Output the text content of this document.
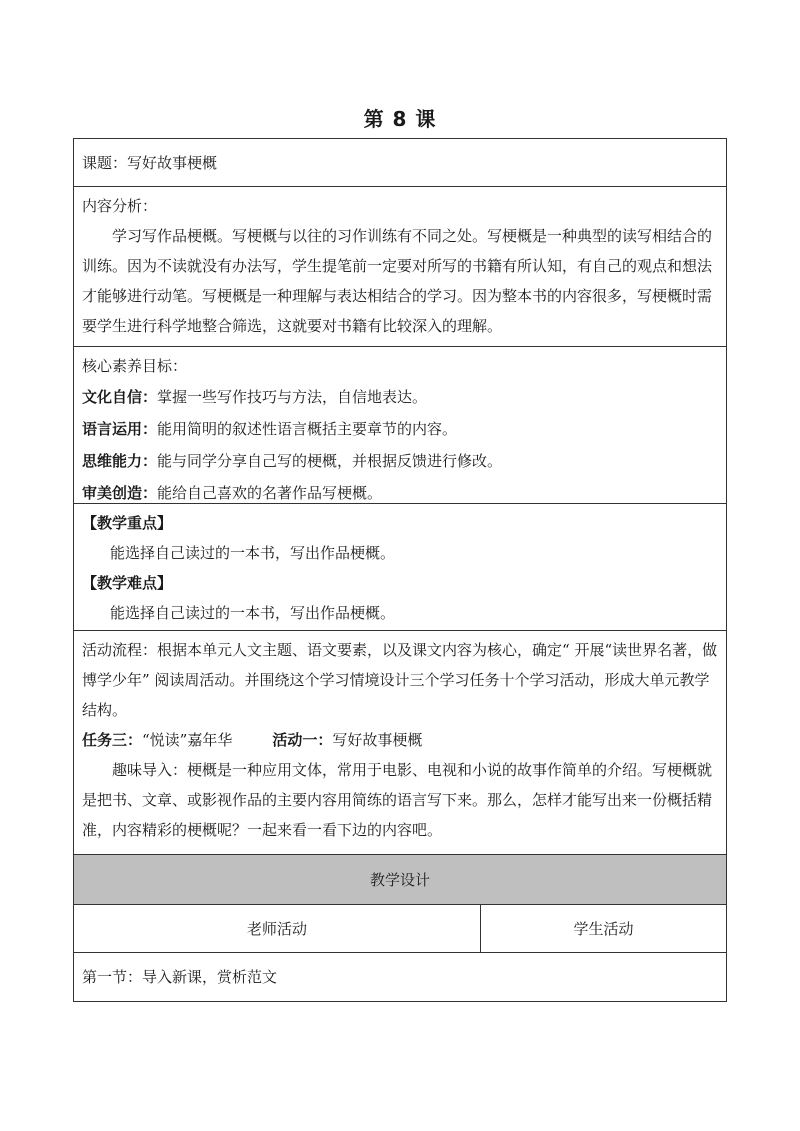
第 8 课
课题：写好故事梗概
内容分析：
学习写作品梗概。写梗概与以往的习作训练有不同之处。写梗概是一种典型的读写相结合的训练。因为不读就没有办法写，学生提笔前一定要对所写的书籍有所认知，有自己的观点和想法才能够进行动笔。写梗概是一种理解与表达相结合的学习。因为整本书的内容很多，写梗概时需要学生进行科学地整合筛选，这就要对书籍有比较深入的理解。
核心素养目标：
文化自信：掌握一些写作技巧与方法，自信地表达。
语言运用：能用简明的叙述性语言概括主要章节的内容。
思维能力：能与同学分享自己写的梗概，并根据反馈进行修改。
审美创造：能给自己喜欢的名著作品写梗概。
【教学重点】
能选择自己读过的一本书，写出作品梗概。
【教学难点】
能选择自己读过的一本书，写出作品梗概。
活动流程：根据本单元人文主题、语文要素，以及课文内容为核心，确定“ 开展“读世界名著，做博学少年” 阅读周活动。并围绕这个学习情境设计三个学习任务十个学习活动，形成大单元教学结构。
任务三：“悦读”嘉年华	活动一：写好故事梗概
趣味导入：梗概是一种应用文体，常用于电影、电视和小说的故事作简单的介绍。写梗概就是把书、文章、或影视作品的主要内容用简练的语言写下来。那么，怎样才能写出来一份概括精准，内容精彩的梗概呢？一起来看一看下边的内容吧。
教学设计
老师活动	学生活动
第一节：导入新课，赏析范文
